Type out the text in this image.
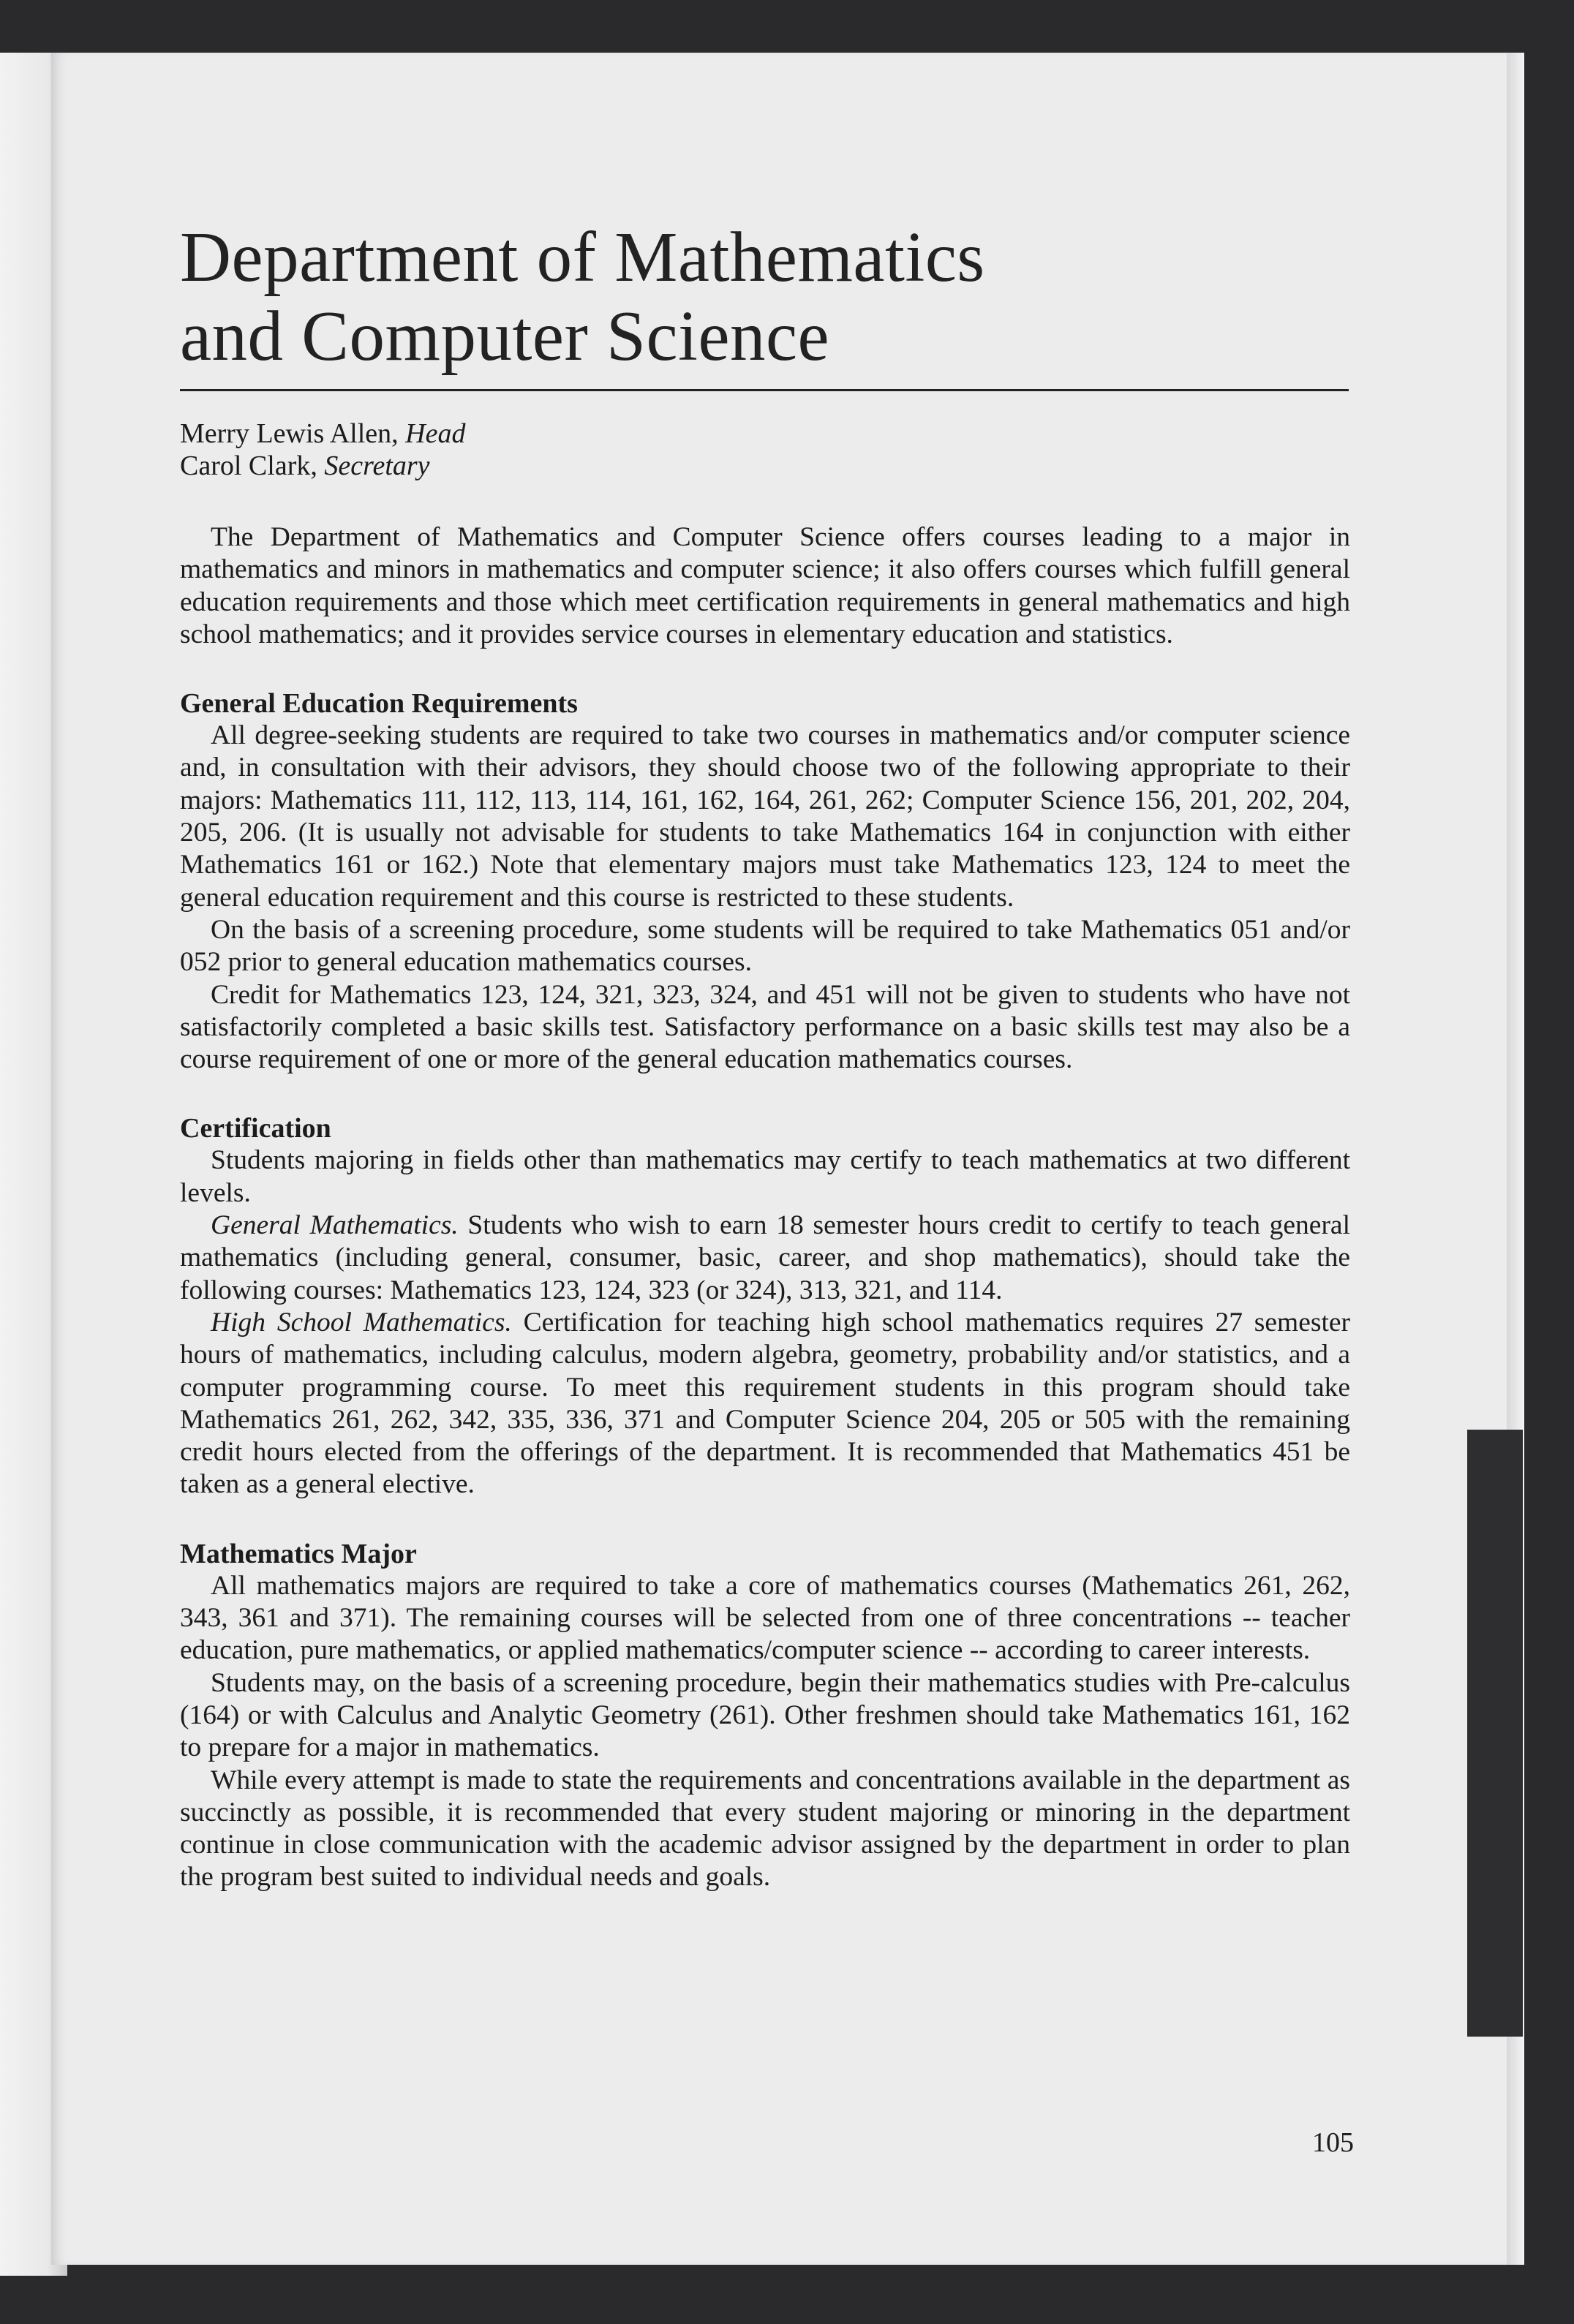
Department of Mathematics
and Computer Science
Merry Lewis Allen, Head
Carol Clark, Secretary

The Department of Mathematics and Computer Science offers courses leading to a major in mathematics and minors in mathematics and computer science; it also offers courses which fulfill general education requirements and those which meet certification requirements in general mathematics and high school mathematics; and it provides service courses in elementary education and statistics.

General Education Requirements

All degree-seeking students are required to take two courses in mathematics and/or computer science and, in consultation with their advisors, they should choose two of the following appropriate to their majors: Mathematics 111, 112, 113, 114, 161, 162, 164, 261, 262; Computer Science 156, 201, 202, 204, 205, 206. (It is usually not advisable for students to take Mathematics 164 in conjunction with either Mathematics 161 or 162.) Note that elementary majors must take Mathematics 123, 124 to meet the general education requirement and this course is restricted to these students.

On the basis of a screening procedure, some students will be required to take Mathematics 051 and/or 052 prior to general education mathematics courses.

Credit for Mathematics 123, 124, 321, 323, 324, and 451 will not be given to students who have not satisfactorily completed a basic skills test. Satisfactory performance on a basic skills test may also be a course requirement of one or more of the general education mathematics courses.

Certification

Students majoring in fields other than mathematics may certify to teach mathematics at two different levels.

General Mathematics. Students who wish to earn 18 semester hours credit to certify to teach general mathematics (including general, consumer, basic, career, and shop mathematics), should take the following courses: Mathematics 123, 124, 323 (or 324), 313, 321, and 114.

High School Mathematics. Certification for teaching high school mathematics requires 27 semester hours of mathematics, including calculus, modern algebra, geometry, probability and/or statistics, and a computer programming course. To meet this requirement students in this program should take Mathematics 261, 262, 342, 335, 336, 371 and Computer Science 204, 205 or 505 with the remaining credit hours elected from the offerings of the department. It is recommended that Mathematics 451 be taken as a general elective.

Mathematics Major

All mathematics majors are required to take a core of mathematics courses (Mathematics 261, 262, 343, 361 and 371). The remaining courses will be selected from one of three concentrations -- teacher education, pure mathematics, or applied mathematics/computer science -- according to career interests.

Students may, on the basis of a screening procedure, begin their mathematics studies with Pre-calculus (164) or with Calculus and Analytic Geometry (261). Other freshmen should take Mathematics 161, 162 to prepare for a major in mathematics.

While every attempt is made to state the requirements and concentrations available in the department as succinctly as possible, it is recommended that every student majoring or minoring in the department continue in close communication with the academic advisor assigned by the department in order to plan the program best suited to individual needs and goals.

105
